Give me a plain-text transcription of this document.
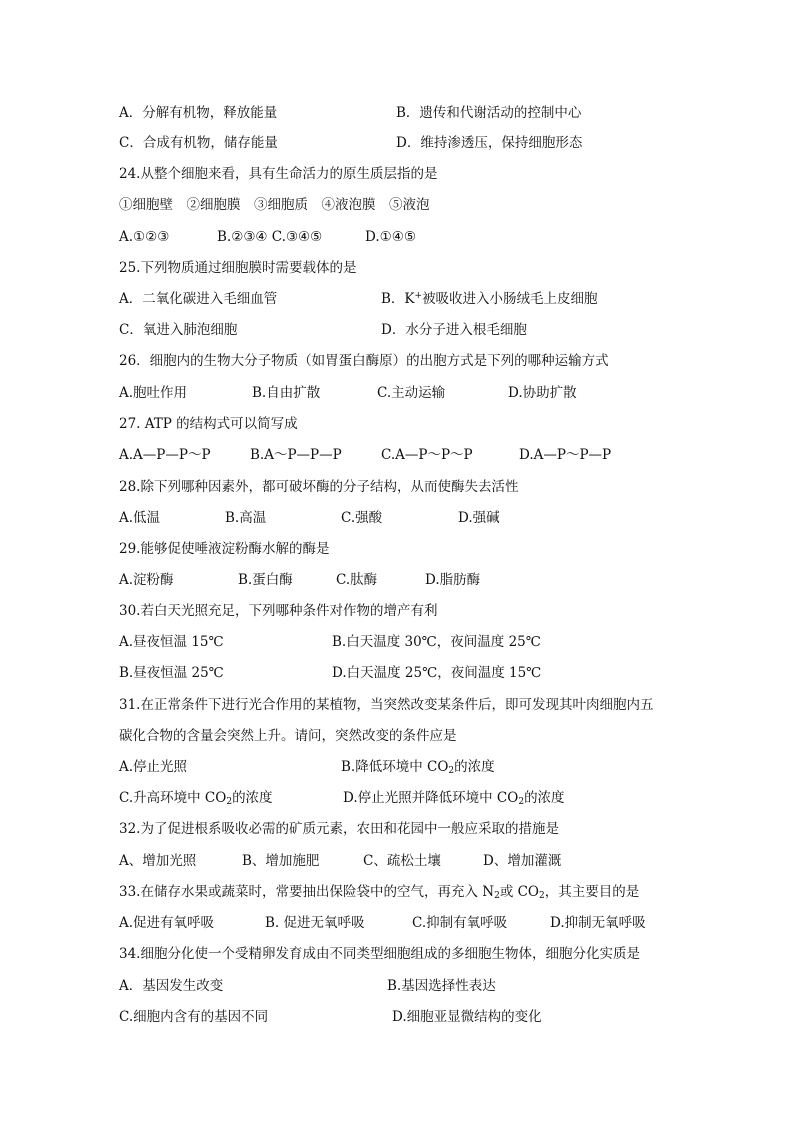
A．分解有机物，释放能量	B．遗传和代谢活动的控制中心
C．合成有机物，储存能量	D．维持渗透压，保持细胞形态
24.从整个细胞来看，具有生命活力的原生质层指的是
①细胞壁　②细胞膜　③细胞质　④液泡膜　⑤液泡
A.①②③	B.②③④ C.③④⑤	D.①④⑤
25.下列物质通过细胞膜时需要载体的是
A．二氧化碳进入毛细血管	B．K+被吸收进入小肠绒毛上皮细胞
C．氧进入肺泡细胞	D．水分子进入根毛细胞
26．细胞内的生物大分子物质（如胃蛋白酶原）的出胞方式是下列的哪种运输方式
A.胞吐作用	B.自由扩散	C.主动运输	D.协助扩散
27. ATP 的结构式可以简写成
A.A—P—P～P	B.A～P—P—P	C.A—P～P～P	D.A—P～P—P
28.除下列哪种因素外，都可破坏酶的分子结构，从而使酶失去活性
A.低温	B.高温	C.强酸	D.强碱
29.能够促使唾液淀粉酶水解的酶是
A.淀粉酶	B.蛋白酶	C.肽酶	D.脂肪酶
30.若白天光照充足，下列哪种条件对作物的增产有利
A.昼夜恒温 15℃	B.白天温度 30℃，夜间温度 25℃
B.昼夜恒温 25℃	D.白天温度 25℃，夜间温度 15℃
31.在正常条件下进行光合作用的某植物，当突然改变某条件后，即可发现其叶肉细胞内五
碳化合物的含量会突然上升。请问，突然改变的条件应是
A.停止光照	B.降低环境中 $CO_2$的浓度
C.升高环境中 $CO_2$的浓度	D.停止光照并降低环境中 $CO_2$的浓度
32.为了促进根系吸收必需的矿质元素，农田和花园中一般应采取的措施是
A、增加光照	B、增加施肥	C、疏松土壤	D、增加灌溉
33.在储存水果或蔬菜时，常要抽出保险袋中的空气，再充入 $N_2$或 $CO_2$，其主要目的是
A.促进有氧呼吸	B. 促进无氧呼吸	C.抑制有氧呼吸	D.抑制无氧呼吸
34.细胞分化使一个受精卵发育成由不同类型细胞组成的多细胞生物体，细胞分化实质是
A．基因发生改变	B.基因选择性表达
C.细胞内含有的基因不同	D.细胞亚显微结构的变化
